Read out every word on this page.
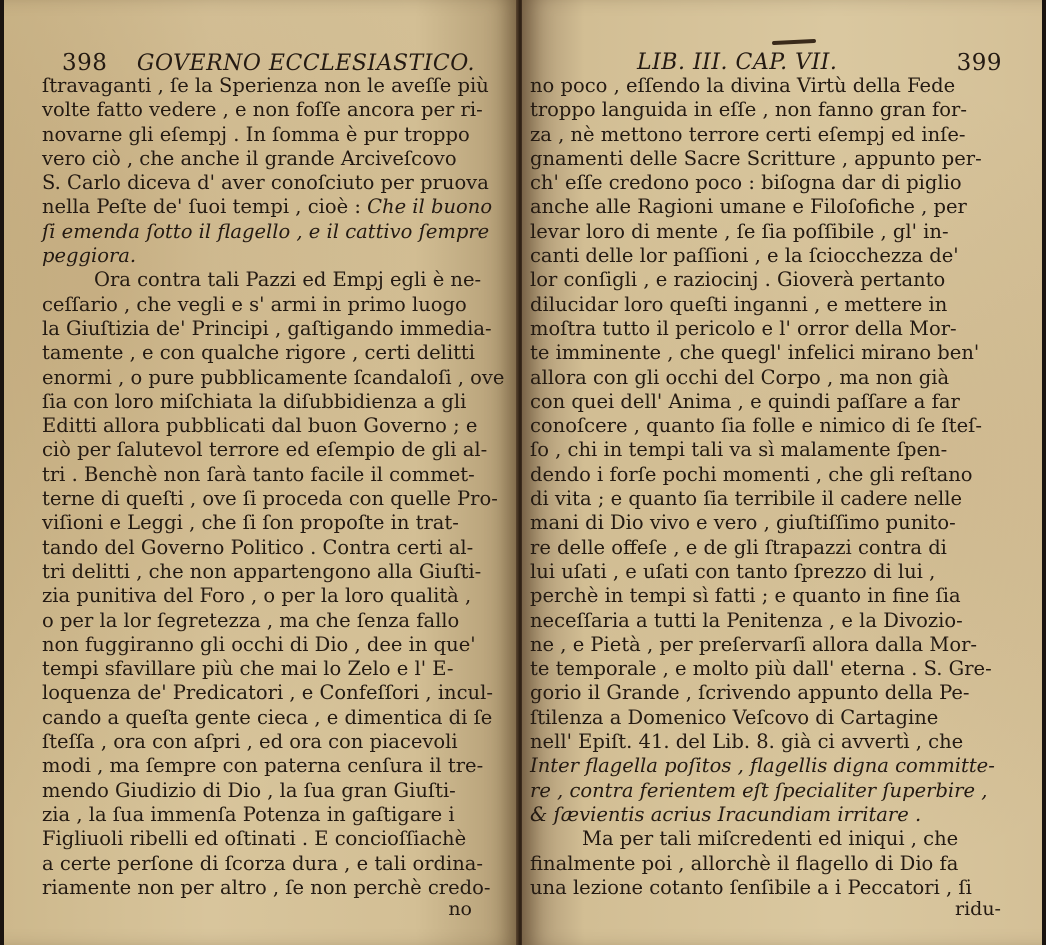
398 GOVERNO ECCLESIASTICO.
ſtravaganti , ſe la Sperienza non le aveſſe più
volte fatto vedere , e non foſſe ancora per ri-
novarne gli eſempj . In ſomma è pur troppo
vero ciò , che anche il grande Arciveſcovo
S. Carlo diceva d' aver conoſciuto per pruova
nella Peſte de' ſuoi tempi , cioè : Che il buono
ſi emenda ſotto il flagello , e il cattivo ſempre
peggiora.
Ora contra tali Pazzi ed Empj egli è ne-
ceſſario , che vegli e s' armi in primo luogo
la Giuſtizia de' Principi , gaſtigando immedia-
tamente , e con qualche rigore , certi delitti
enormi , o pure pubblicamente ſcandaloſi , ove
ſia con loro miſchiata la diſubbidienza a gli
Editti allora pubblicati dal buon Governo ; e
ciò per ſalutevol terrore ed eſempio de gli al-
tri . Benchè non ſarà tanto facile il commet-
terne di queſti , ove ſi proceda con quelle Pro-
viſioni e Leggi , che ſi ſon propoſte in trat-
tando del Governo Politico . Contra certi al-
tri delitti , che non appartengono alla Giuſti-
zia punitiva del Foro , o per la loro qualità ,
o per la lor ſegretezza , ma che ſenza fallo
non fuggiranno gli occhi di Dio , dee in que'
tempi sfavillare più che mai lo Zelo e l' E-
loquenza de' Predicatori , e Confeſſori , incul-
cando a queſta gente cieca , e dimentica di ſe
ſteſſa , ora con aſpri , ed ora con piacevoli
modi , ma ſempre con paterna cenſura il tre-
mendo Giudizio di Dio , la ſua gran Giuſti-
zia , la ſua immenſa Potenza in gaſtigare i
Figliuoli ribelli ed oſtinati . E concioſſiachè
a certe perſone di ſcorza dura , e tali ordina-
riamente non per altro , ſe non perchè credo-
no
LIB. III. CAP. VII.	399
no poco , eſſendo la divina Virtù della Fede
troppo languida in eſſe , non fanno gran for-
za , nè mettono terrore certi eſempj ed inſe-
gnamenti delle Sacre Scritture , appunto per-
ch' eſſe credono poco : biſogna dar di piglio
anche alle Ragioni umane e Filoſofiche , per
levar loro di mente , ſe ſia poſſibile , gl' in-
canti delle lor paſſioni , e la ſciocchezza de'
lor conſigli , e raziocinj . Gioverà pertanto
dilucidar loro queſti inganni , e mettere in
moſtra tutto il pericolo e l' orror della Mor-
te imminente , che quegl' infelici mirano ben'
allora con gli occhi del Corpo , ma non già
con quei dell' Anima , e quindi paſſare a far
conoſcere , quanto ſia folle e nimico di ſe ſteſ-
ſo , chi in tempi tali va sì malamente ſpen-
dendo i forſe pochi momenti , che gli reſtano
di vita ; e quanto ſia terribile il cadere nelle
mani di Dio vivo e vero , giuſtiſſimo punito-
re delle offeſe , e de gli ſtrapazzi contra di
lui uſati , e uſati con tanto ſprezzo di lui ,
perchè in tempi sì fatti ; e quanto in fine ſia
neceſſaria a tutti la Penitenza , e la Divozio-
ne , e Pietà , per preſervarſi allora dalla Mor-
te temporale , e molto più dall' eterna . S. Gre-
gorio il Grande , ſcrivendo appunto della Pe-
ſtilenza a Domenico Veſcovo di Cartagine
nell' Epiſt. 41. del Lib. 8. già ci avvertì , che
Inter flagella poſitos , flagellis digna committe-
re , contra ferientem eſt ſpecialiter ſuperbire ,
& ſævientis acrius Iracundiam irritare .
Ma per tali miſcredenti ed iniqui , che
finalmente poi , allorchè il flagello di Dio fa
una lezione cotanto ſenſibile a i Peccatori , ſi
ridu-
